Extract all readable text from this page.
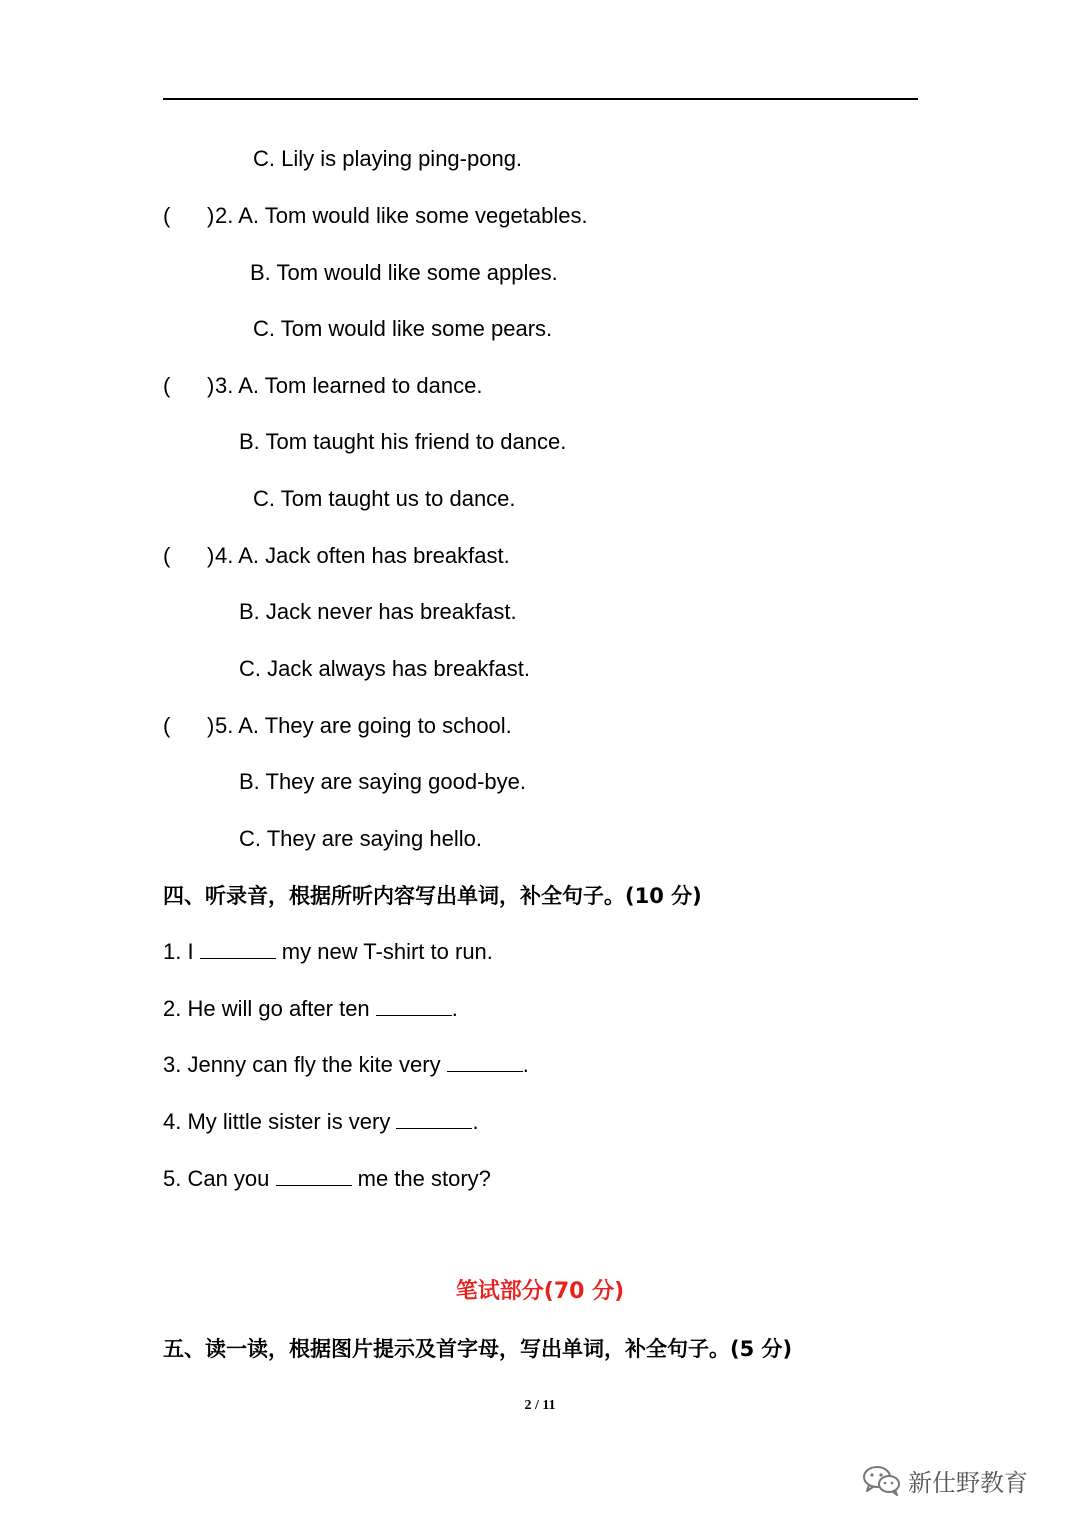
C. Lily is playing ping-pong.
(      )2. A. Tom would like some vegetables.
B. Tom would like some apples.
C. Tom would like some pears.
(      )3. A. Tom learned to dance.
B. Tom taught his friend to dance.
C. Tom taught us to dance.
(      )4. A. Jack often has breakfast.
B. Jack never has breakfast.
C. Jack always has breakfast.
(      )5. A. They are going to school.
B. They are saying good-bye.
C. They are saying hello.
四、听录音，根据所听内容写出单词，补全句子。(10 分)
1. I	my new T-shirt to run.
2. He will go after ten	.
3. Jenny can fly the kite very	.
4. My little sister is very	.
5. Can you	me the story?
笔试部分(70 分)
五、读一读，根据图片提示及首字母，写出单词，补全句子。(5 分)
2 / 11
新仕野教育
